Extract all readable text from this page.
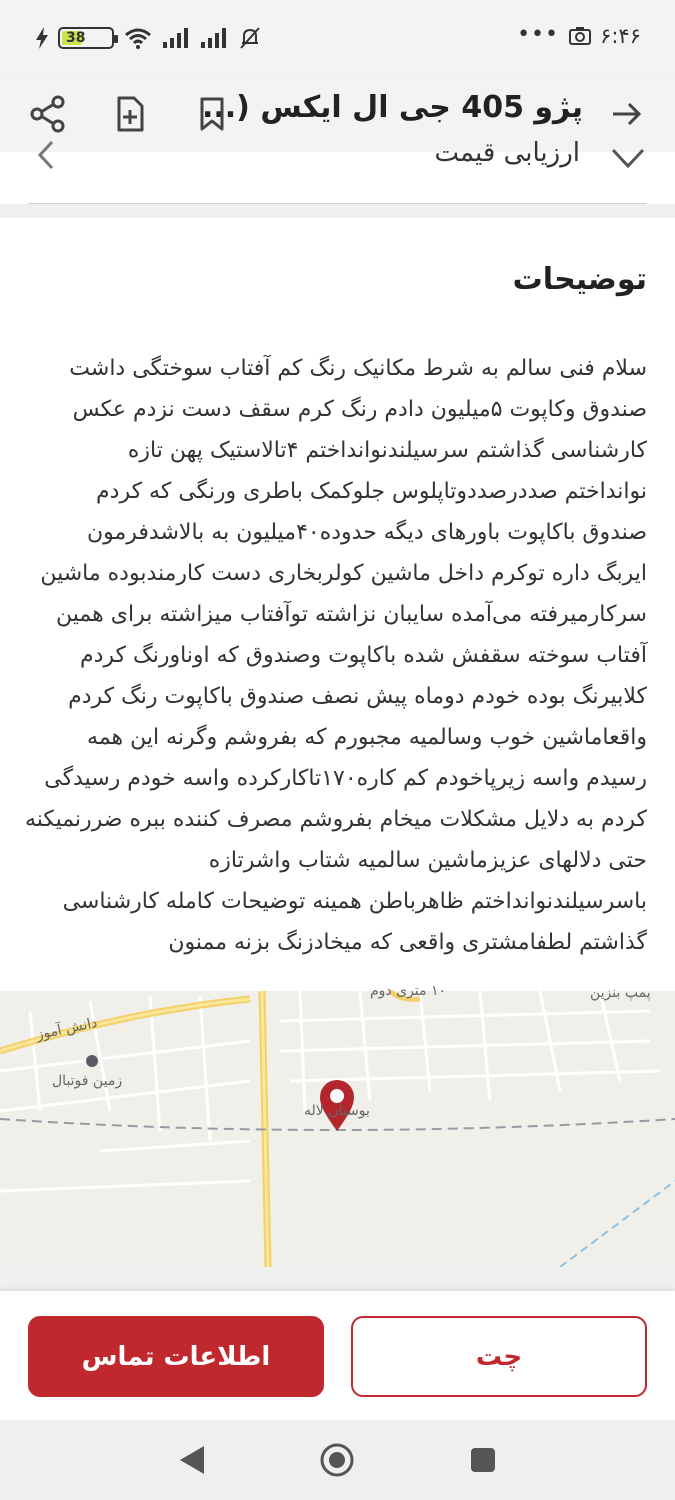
38	••• ۶:۴۶
پژو 405 جی ال ایکس (...
ارزیابی قیمت
توضیحات
سلام فنی سالم به شرط مکانیک رنگ کم آفتاب سوختگی داشت
صندوق وکاپوت ۵میلیون دادم رنگ کرم سقف دست نزدم عکس
کارشناسی گذاشتم سرسیلندنوانداختم ۴تالاستیک پهن تازه
نوانداختم صددرصددوتاپلوس جلوکمک باطری ورنگی که کردم
صندوق باکاپوت باورهای دیگه حدوده۴۰میلیون به بالاشدفرمون
ایربگ داره توکرم داخل ماشین کولربخاری دست کارمندبوده ماشین
سرکارمیرفته می‌آمده سایبان نزاشته توآفتاب میزاشته برای همین
آفتاب سوخته سقفش شده باکاپوت وصندوق که اوناورنگ کردم
کلابیرنگ بوده خودم دوماه پیش نصف صندوق باکاپوت رنگ کردم
واقعاماشین خوب وسالمیه مجبورم که بفروشم وگرنه این همه
رسیدم واسه زیرپاخودم کم کاره۱۷۰تاکارکرده واسه خودم رسیدگی
کردم به دلایل مشکلات میخام بفروشم مصرف کننده ببره ضررنمیکنه
حتی دلالهای عزیزماشین سالمیه شتاب واشرتازه
باسرسیلندنوانداختم ظاهرباطن همینه توضیحات کامله کارشناسی
گذاشتم لطفامشتری واقعی که میخادزنگ بزنه ممنون
دانش آموز
زمین فوتبال
بوستان لاله
۱۰ متری دوم	پمپ بنزین
اطلاعات تماس	چت
